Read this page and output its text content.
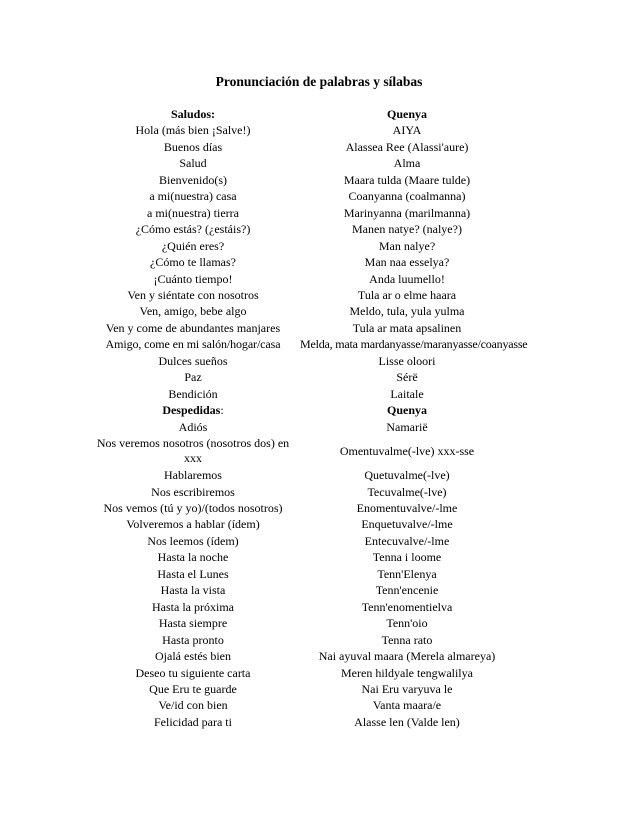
Pronunciación de palabras y sílabas
Saludos:	Quenya
Hola (más bien ¡Salve!)	AIYA
Buenos días	Alassea Ree (Alassi'aure)
Salud	Alma
Bienvenido(s)	Maara tulda (Maare tulde)
a mi(nuestra) casa	Coanyanna (coalmanna)
a mi(nuestra) tierra	Marinyanna (marilmanna)
¿Cómo estás? (¿estáis?)	Manen natye? (nalye?)
¿Quién eres?	Man nalye?
¿Cómo te llamas?	Man naa esselya?
¡Cuánto tiempo!	Anda luumello!
Ven y siéntate con nosotros	Tula ar o elme haara
Ven, amigo, bebe algo	Meldo, tula, yula yulma
Ven y come de abundantes manjares	Tula ar mata apsalinen
Amigo, come en mi salón/hogar/casa	Melda, mata mardanyasse/maranyasse/coanyasse
Dulces sueños	Lisse oloori
Paz	Sérë
Bendición	Laitale
Despedidas:	Quenya
Adiós	Namarië
Nos veremos nosotros (nosotros dos) en xxx	Omentuvalme(-lve) xxx-sse
Hablaremos	Quetuvalme(-lve)
Nos escribiremos	Tecuvalme(-lve)
Nos vemos (tú y yo)/(todos nosotros)	Enomentuvalve/-lme
Volveremos a hablar (ídem)	Enquetuvalve/-lme
Nos leemos (ídem)	Entecuvalve/-lme
Hasta la noche	Tenna i loome
Hasta el Lunes	Tenn'Elenya
Hasta la vista	Tenn'encenie
Hasta la próxima	Tenn'enomentielva
Hasta siempre	Tenn'oio
Hasta pronto	Tenna rato
Ojalá estés bien	Nai ayuval maara (Merela almareya)
Deseo tu siguiente carta	Meren hildyale tengwalilya
Que Eru te guarde	Nai Eru varyuva le
Ve/id con bien	Vanta maara/e
Felicidad para ti	Alasse len (Valde len)
